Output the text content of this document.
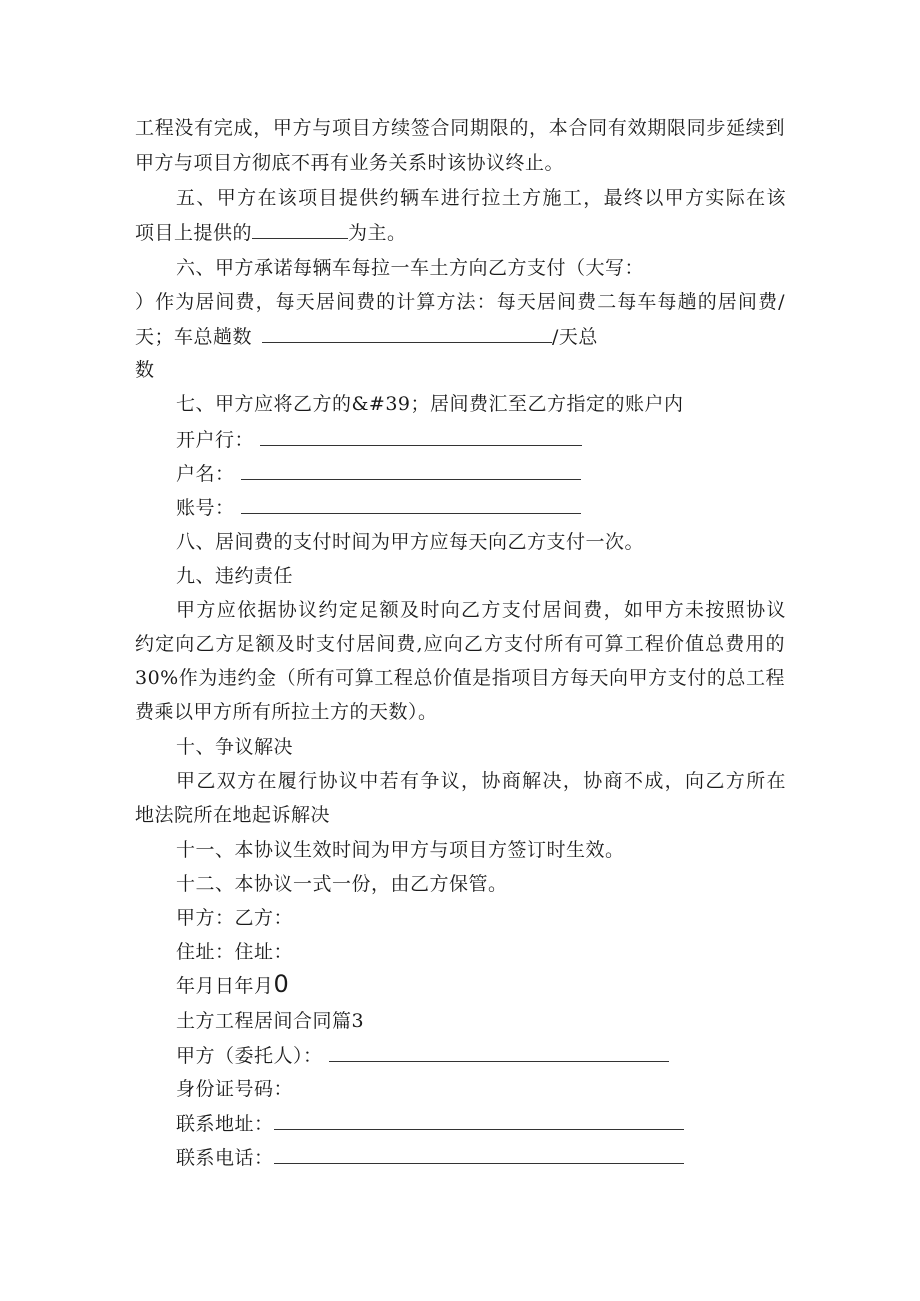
工程没有完成，甲方与项目方续签合同期限的，本合同有效期限同步延续到
甲方与项目方彻底不再有业务关系时该协议终止。
五、甲方在该项目提供约辆车进行拉土方施工，最终以甲方实际在该
项目上提供的	为主。
六、甲方承诺每辆车每拉一车土方向乙方支付（大写：
）作为居间费，每天居间费的计算方法：每天居间费二每车每趟的居间费/
天；车总趟数	/天总
数
七、甲方应将乙方的&#39；居间费汇至乙方指定的账户内
开户行：
户名：
账号：
八、居间费的支付时间为甲方应每天向乙方支付一次。
九、违约责任
甲方应依据协议约定足额及时向乙方支付居间费，如甲方未按照协议
约定向乙方足额及时支付居间费,应向乙方支付所有可算工程价值总费用的
30%作为违约金（所有可算工程总价值是指项目方每天向甲方支付的总工程
费乘以甲方所有所拉土方的天数）。
十、争议解决
甲乙双方在履行协议中若有争议，协商解决，协商不成，向乙方所在
地法院所在地起诉解决
十一、本协议生效时间为甲方与项目方签订时生效。
十二、本协议一式一份，由乙方保管。
甲方：乙方：
住址：住址：
年月日年月0
土方工程居间合同篇3
甲方（委托人）：
身份证号码：
联系地址：
联系电话：
